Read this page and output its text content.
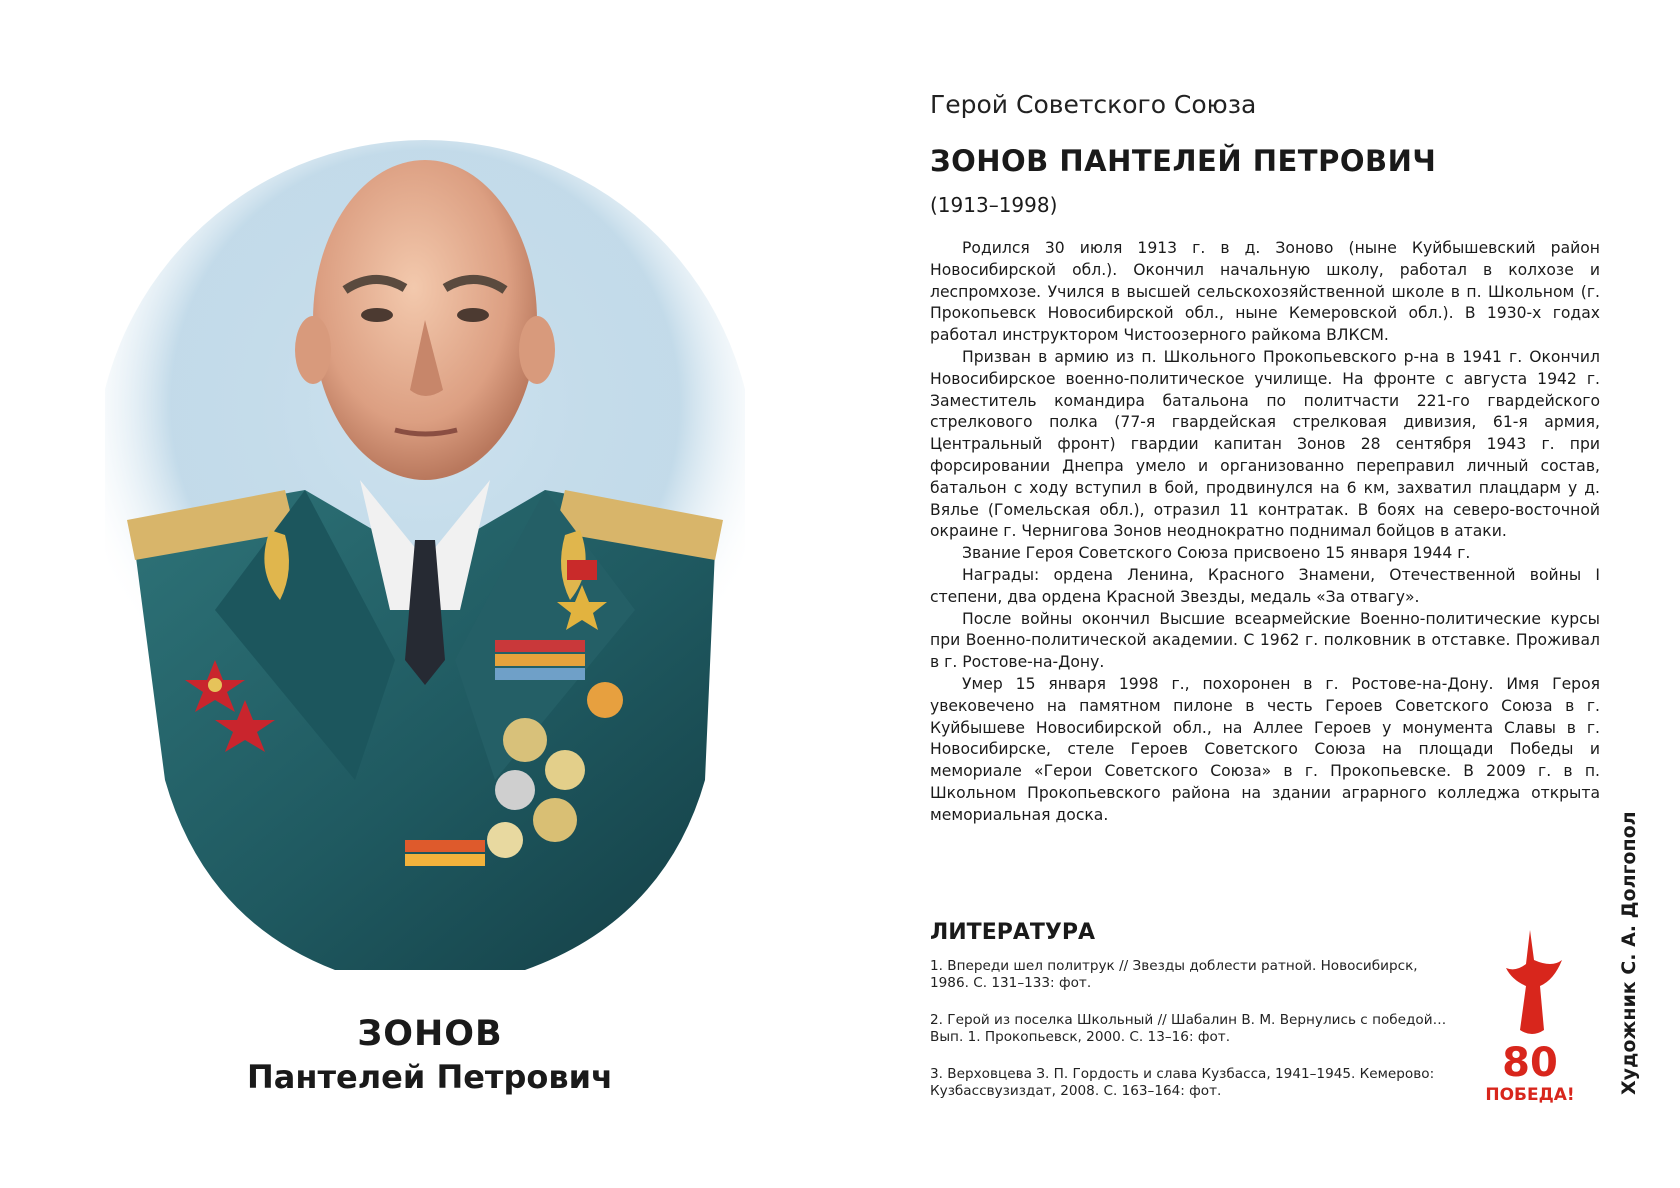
ЗОНОВ
Пантелей Петрович
Герой Советского Союза
ЗОНОВ ПАНТЕЛЕЙ ПЕТРОВИЧ
(1913–1998)

Родился 30 июля 1913 г. в д. Зоново (ныне Куйбышевский район Новосибирской обл.). Окончил начальную школу, работал в колхозе и леспромхозе. Учился в высшей сельскохозяйственной школе в п. Школьном (г. Прокопьевск Новосибирской обл., ныне Кемеровской обл.). В 1930-х годах работал инструктором Чистоозерного райкома ВЛКСМ.

Призван в армию из п. Школьного Прокопьевского р-на в 1941 г. Окончил Новосибирское военно-политическое училище. На фронте с августа 1942 г. Заместитель командира батальона по политчасти 221-го гвардейского стрелкового полка (77-я гвардейская стрелковая дивизия, 61-я армия, Центральный фронт) гвардии капитан Зонов 28 сентября 1943 г. при форсировании Днепра умело и организованно переправил личный состав, батальон с ходу вступил в бой, продвинулся на 6 км, захватил плацдарм у д. Вялье (Гомельская обл.), отразил 11 контратак. В боях на северо-восточной окраине г. Чернигова Зонов неоднократно поднимал бойцов в атаки.

Звание Героя Советского Союза присвоено 15 января 1944 г.

Награды: ордена Ленина, Красного Знамени, Отечественной войны I степени, два ордена Красной Звезды, медаль «За отвагу».

После войны окончил Высшие всеармейские Военно-политические курсы при Военно-политической академии. С 1962 г. полковник в отставке. Проживал в г. Ростове-на-Дону.

Умер 15 января 1998 г., похоронен в г. Ростове-на-Дону. Имя Героя увековечено на памятном пилоне в честь Героев Советского Союза в г. Куйбышеве Новосибирской обл., на Аллее Героев у монумента Славы в г. Новосибирске, стеле Героев Советского Союза на площади Победы и мемориале «Герои Советского Союза» в г. Прокопьевске. В 2009 г. в п. Школьном Прокопьевского района на здании аграрного колледжа открыта мемориальная доска.

ЛИТЕРАТУРА

1. Впереди шел политрук // Звезды доблести ратной. Новосибирск, 1986. С. 131–133: фот.

2. Герой из поселка Школьный // Шабалин В. М. Вернулись с победой… Вып. 1. Прокопьевск, 2000. С. 13–16: фот.

3. Верховцева З. П. Гордость и слава Кузбасса, 1941–1945. Кемерово: Кузбассвузиздат, 2008. С. 163–164: фот.

80
ПОБЕДА! Художник С. А. Долгопол
